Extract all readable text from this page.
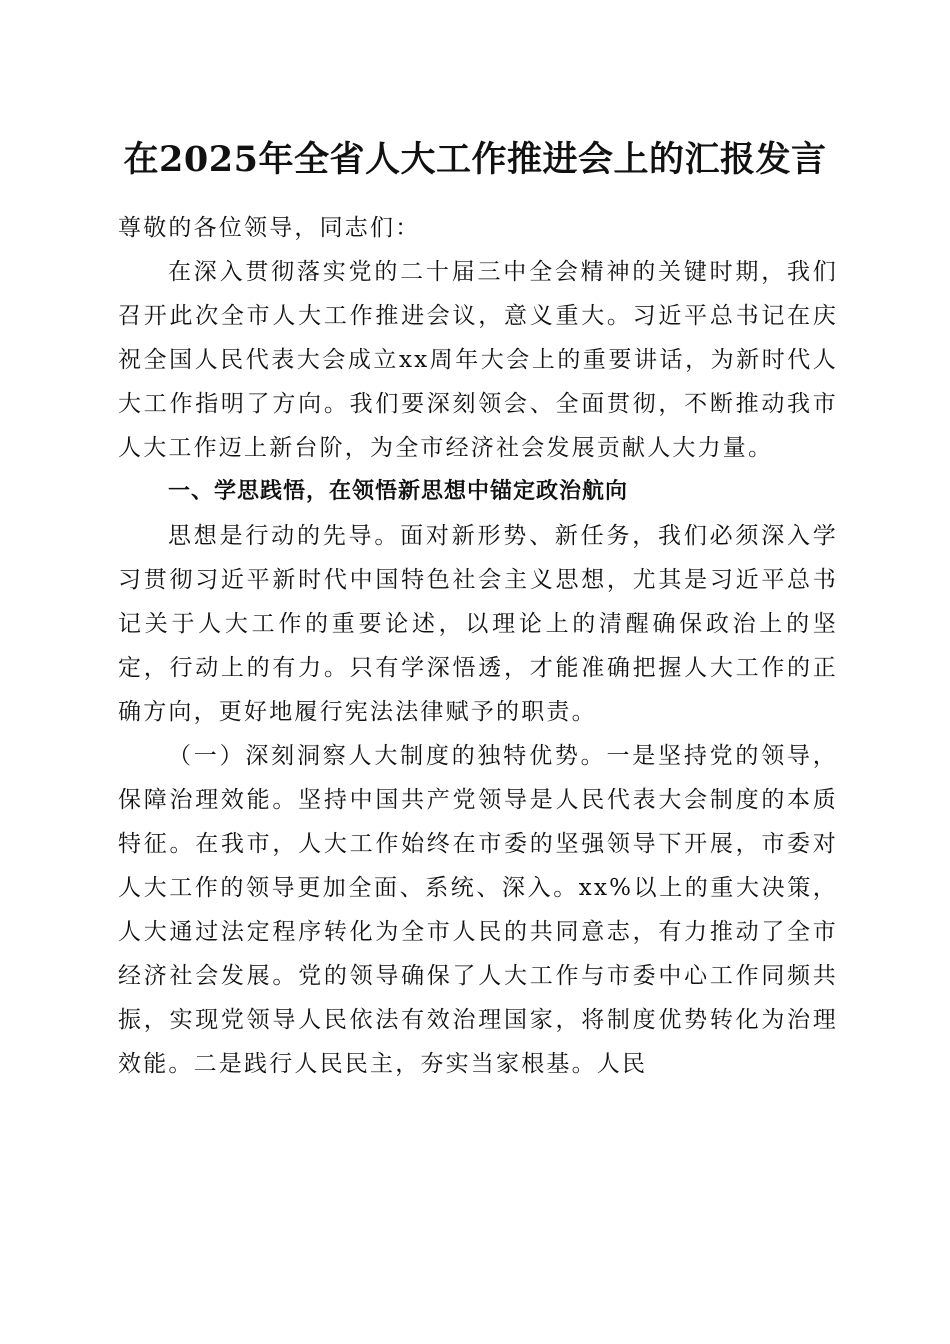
在2025年全省人大工作推进会上的汇报发言

尊敬的各位领导，同志们：

在深入贯彻落实党的二十届三中全会精神的关键时期，我们召开此次全市人大工作推进会议，意义重大。习近平总书记在庆祝全国人民代表大会成立xx周年大会上的重要讲话，为新时代人大工作指明了方向。我们要深刻领会、全面贯彻，不断推动我市人大工作迈上新台阶，为全市经济社会发展贡献人大力量。

一、学思践悟，在领悟新思想中锚定政治航向

思想是行动的先导。面对新形势、新任务，我们必须深入学习贯彻习近平新时代中国特色社会主义思想，尤其是习近平总书记关于人大工作的重要论述，以理论上的清醒确保政治上的坚定，行动上的有力。只有学深悟透，才能准确把握人大工作的正确方向，更好地履行宪法法律赋予的职责。

（一）深刻洞察人大制度的独特优势。一是坚持党的领导，保障治理效能。坚持中国共产党领导是人民代表大会制度的本质特征。在我市，人大工作始终在市委的坚强领导下开展，市委对人大工作的领导更加全面、系统、深入。xx%以上的重大决策，人大通过法定程序转化为全市人民的共同意志，有力推动了全市经济社会发展。党的领导确保了人大工作与市委中心工作同频共振，实现党领导人民依法有效治理国家，将制度优势转化为治理效能。二是践行人民民主，夯实当家根基。人民
